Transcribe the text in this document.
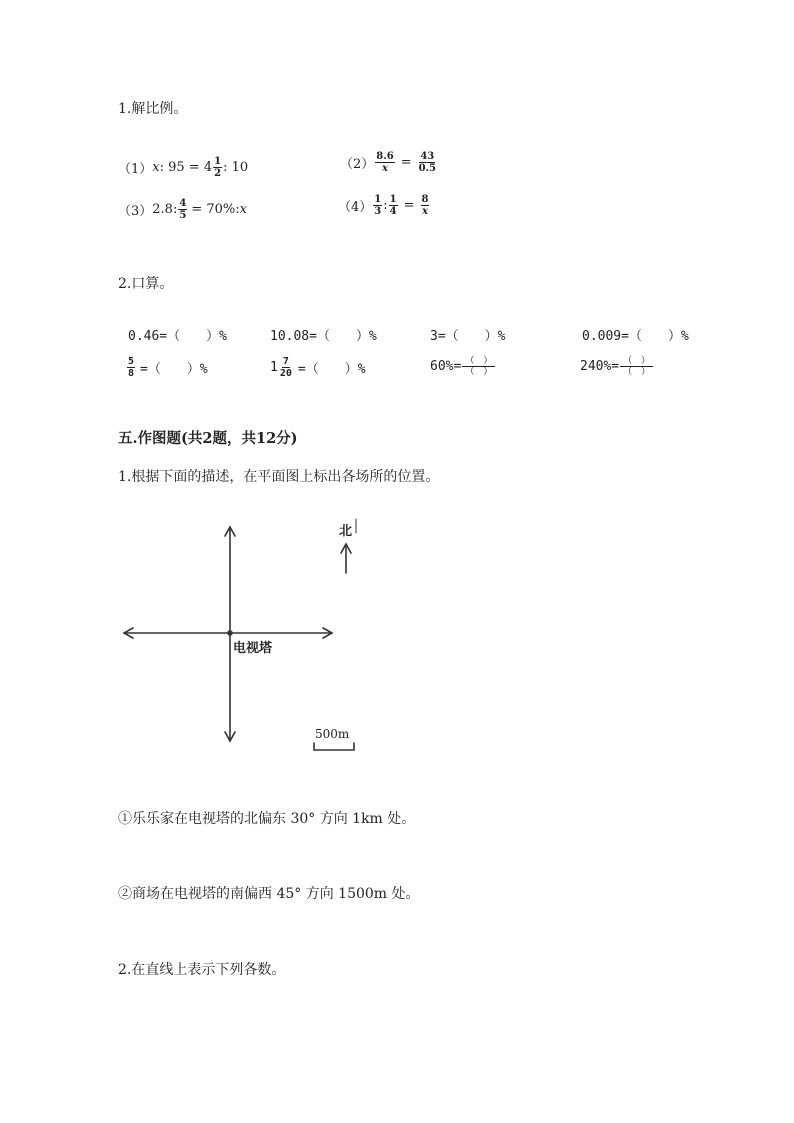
1.解比例。
（1） x : $95 = 4 \frac{1}{2}$ : 10	$(2) \frac{8.6}{x} = \frac{43}{0.5}$
（3） 2.8: $\frac{4}{5} = 70\%$: x	$(4) \frac{1}{3}$ : $\frac{1}{4} = \frac{8}{x}$
2.口算。
0.46=（　　）%	10.08=（　　）%	3=（　　）%	0.009=（　　）%
$\frac{5}{8}$ =（　　）%	$1 \frac{7}{20}$ =（　　）%	$60\%= \frac{( )}{( )}$	$240\%= \frac{( )}{( )}$
五.作图题(共2题，共12分)
1.根据下面的描述，在平面图上标出各场所的位置。
北
电视塔
500m
①乐乐家在电视塔的北偏东 30° 方向 1km 处。
②商场在电视塔的南偏西 45° 方向 1500m 处。
2.在直线上表示下列各数。
